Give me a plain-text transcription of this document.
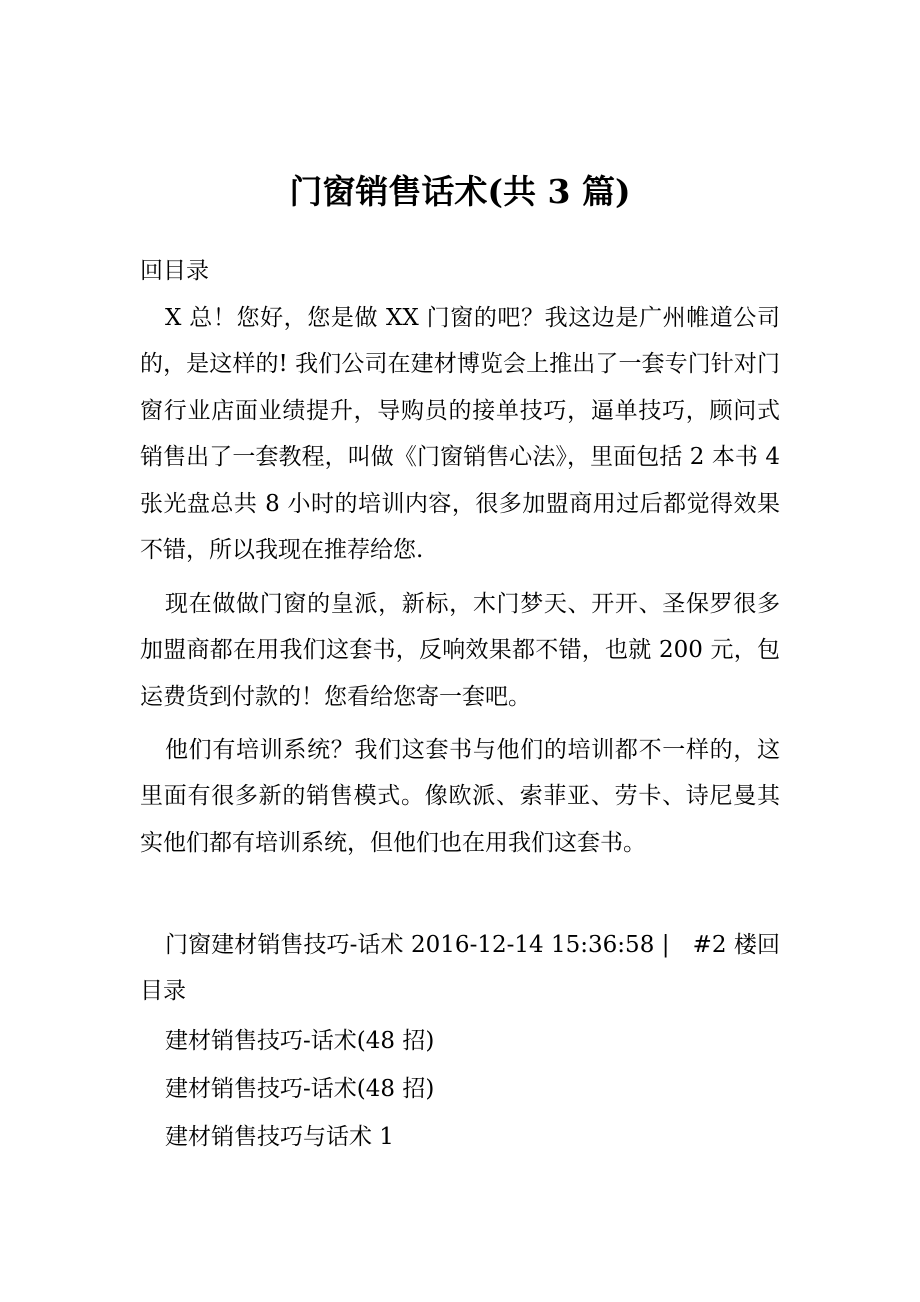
门窗销售话术(共 3 篇)

回目录

X 总！您好，您是做 XX 门窗的吧？我这边是广州帷道公司的，是这样的! 我们公司在建材博览会上推出了一套专门针对门窗行业店面业绩提升，导购员的接单技巧，逼单技巧，顾问式销售出了一套教程，叫做《门窗销售心法》，里面包括 2 本书 4 张光盘总共 8 小时的培训内容，很多加盟商用过后都觉得效果不错，所以我现在推荐给您.

现在做做门窗的皇派，新标，木门梦天、开开、圣保罗很多加盟商都在用我们这套书，反响效果都不错，也就 200 元，包运费货到付款的！您看给您寄一套吧。

他们有培训系统？我们这套书与他们的培训都不一样的，这里面有很多新的销售模式。像欧派、索菲亚、劳卡、诗尼曼其实他们都有培训系统，但他们也在用我们这套书。

门窗建材销售技巧-话术 2016-12-14 15:36:58 |　#2 楼回目录

建材销售技巧-话术(48 招)

建材销售技巧-话术(48 招)

建材销售技巧与话术 1
